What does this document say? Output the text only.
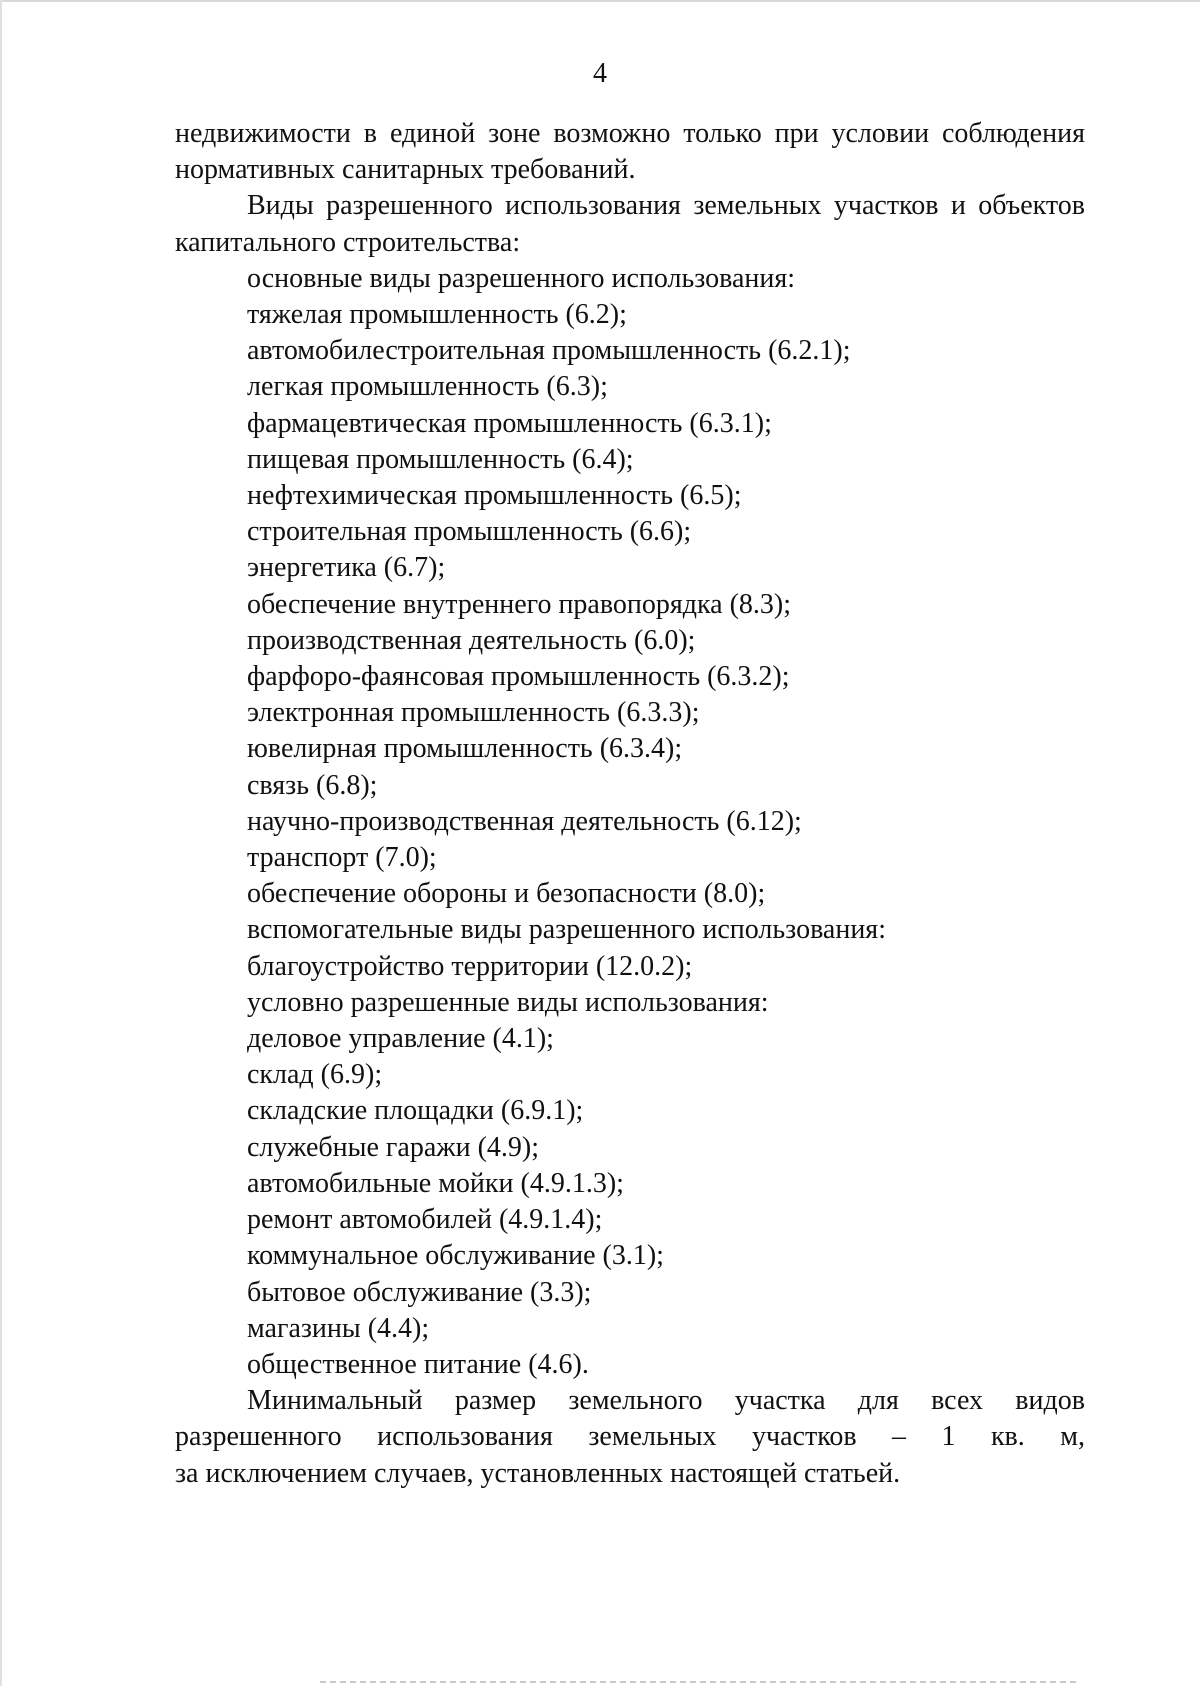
4
недвижимости в единой зоне возможно только при условии соблюдения
нормативных санитарных требований.
Виды разрешенного использования земельных участков и объектов
капитального строительства:
основные виды разрешенного использования:
тяжелая промышленность (6.2);
автомобилестроительная промышленность (6.2.1);
легкая промышленность (6.3);
фармацевтическая промышленность (6.3.1);
пищевая промышленность (6.4);
нефтехимическая промышленность (6.5);
строительная промышленность (6.6);
энергетика (6.7);
обеспечение внутреннего правопорядка (8.3);
производственная деятельность (6.0);
фарфоро-фаянсовая промышленность (6.3.2);
электронная промышленность (6.3.3);
ювелирная промышленность (6.3.4);
связь (6.8);
научно-производственная деятельность (6.12);
транспорт (7.0);
обеспечение обороны и безопасности (8.0);
вспомогательные виды разрешенного использования:
благоустройство территории (12.0.2);
условно разрешенные виды использования:
деловое управление (4.1);
склад (6.9);
складские площадки (6.9.1);
служебные гаражи (4.9);
автомобильные мойки (4.9.1.3);
ремонт автомобилей (4.9.1.4);
коммунальное обслуживание (3.1);
бытовое обслуживание (3.3);
магазины (4.4);
общественное питание (4.6).
Минимальный размер земельного участка для всех видов
разрешенного использования земельных участков – 1 кв. м,
за исключением случаев, установленных настоящей статьей.
